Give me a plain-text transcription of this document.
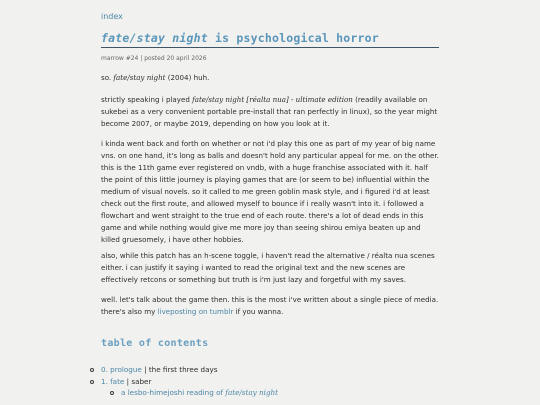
index
fate/stay night is psychological horror
marrow #24 | posted 20 april 2026

so. fate/stay night (2004) huh.

strictly speaking i played fate/stay night [réalta nua] - ultimate edition (readily available on sukebei as a very convenient portable pre-install that ran perfectly in linux), so the year might become 2007, or maybe 2019, depending on how you look at it.

i kinda went back and forth on whether or not i'd play this one as part of my year of big name vns. on one hand, it's long as balls and doesn't hold any particular appeal for me. on the other. this is the 11th game ever registered on vndb, with a huge franchise associated with it. half the point of this little journey is playing games that are (or seem to be) influential within the medium of visual novels. so it called to me green goblin mask style, and i figured i'd at least check out the first route, and allowed myself to bounce if i really wasn't into it. i followed a flowchart and went straight to the true end of each route. there's a lot of dead ends in this game and while nothing would give me more joy than seeing shirou emiya beaten up and killed gruesomely, i have other hobbies.

also, while this patch has an h-scene toggle, i haven't read the alternative / réalta nua scenes either. i can justify it saying i wanted to read the original text and the new scenes are effectively retcons or something but truth is i'm just lazy and forgetful with my saves.

well. let's talk about the game then. this is the most i've written about a single piece of media. there's also my liveposting on tumblr if you wanna.

table of contents
0. prologue | the first three days
1. fate | saber
a lesbo-himejoshi reading of fate/stay night
